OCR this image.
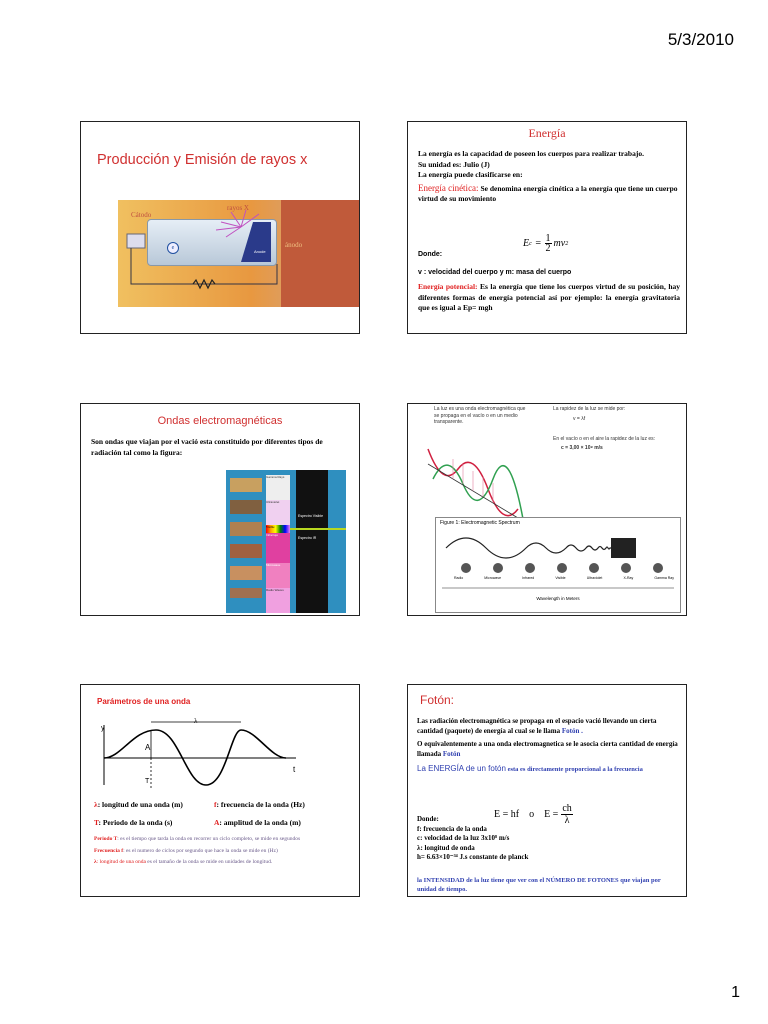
5/3/2010
Producción y Emisión de rayos x
Anode
e
Cátodo
rayos X
ánodo
Energía

La energía es la capacidad de poseen los cuerpos para realizar trabajo.

Su unidad es: Julio (J)

La energía puede clasificarse en:

Energía cinética: Se denomina energía cinética a la energía que tiene un cuerpo virtud de su movimiento

E $c = \frac{1}{2}$ mv 2
Donde:
v : velocidad del cuerpo y m: masa del cuerpo

Energía potencial: Es la energía que tiene los cuerpos virtud de su posición, hay diferentes formas de energía potencial así por ejemplo: la energía gravitatoria que es igual a Ep= mgh

Ondas electromagnéticas

Son ondas que viajan por el vació esta constituido por diferentes tipos de radiación tal como la figura:

Gamma Rays
Ultraviolet
Visible
Infrarrojo
Microwave
Radio Waves
Espectro Visible
Espectro IR
La luz es una onda electromagnética que se propaga en el vacío o en un medio transparente.
La rapidez de la luz se mide por:
v = λf
En el vacío o en el aire la rapidez de la luz es:
c = 3,00 × 10⁸ m/s
Figure 1: Electromagnetic Spectrum
Radio	Microwave	Infrared	Visible	Ultraviolet	X-Ray	Gamma Ray
Wavelength in Meters
Parámetros de una onda
λ
y
A
t
T
λ: longitud de una onda (m)	f: frecuencia de la onda (Hz)
T: Periodo de la onda (s)	A: amplitud de la onda (m)

Periodo T: es el tiempo que tarda la onda en recorrer un ciclo completo, se mide en segundos

Frecuencia f: es el numero de ciclos por segundo que hace la onda se mide en (Hz)

λ: longitud de una onda es el tamaño de la onda se mide en unidades de longitud.

Fotón:

Las radiación electromagnética se propaga en el espacio vació llevando un cierta cantidad (paquete) de energía al cual se le llama Fotón .

O equivalentemente a una onda electromagnetica se le asocia cierta cantidad de energía llamada Fotón

La ENERGÍA de un fotón esta es directamente proporcional a la frecuencia

E = hf o $E = \frac{ch}{\lambda}$
Donde:
f: frecuencia de la onda
c: velocidad de la luz 3x10⁸ m/s
λ: longitud de onda
h= 6.63×10⁻³⁴ J.s constante de planck

la INTENSIDAD de la luz tiene que ver con el NÚMERO DE FOTONES que viajan por unidad de tiempo.

1
